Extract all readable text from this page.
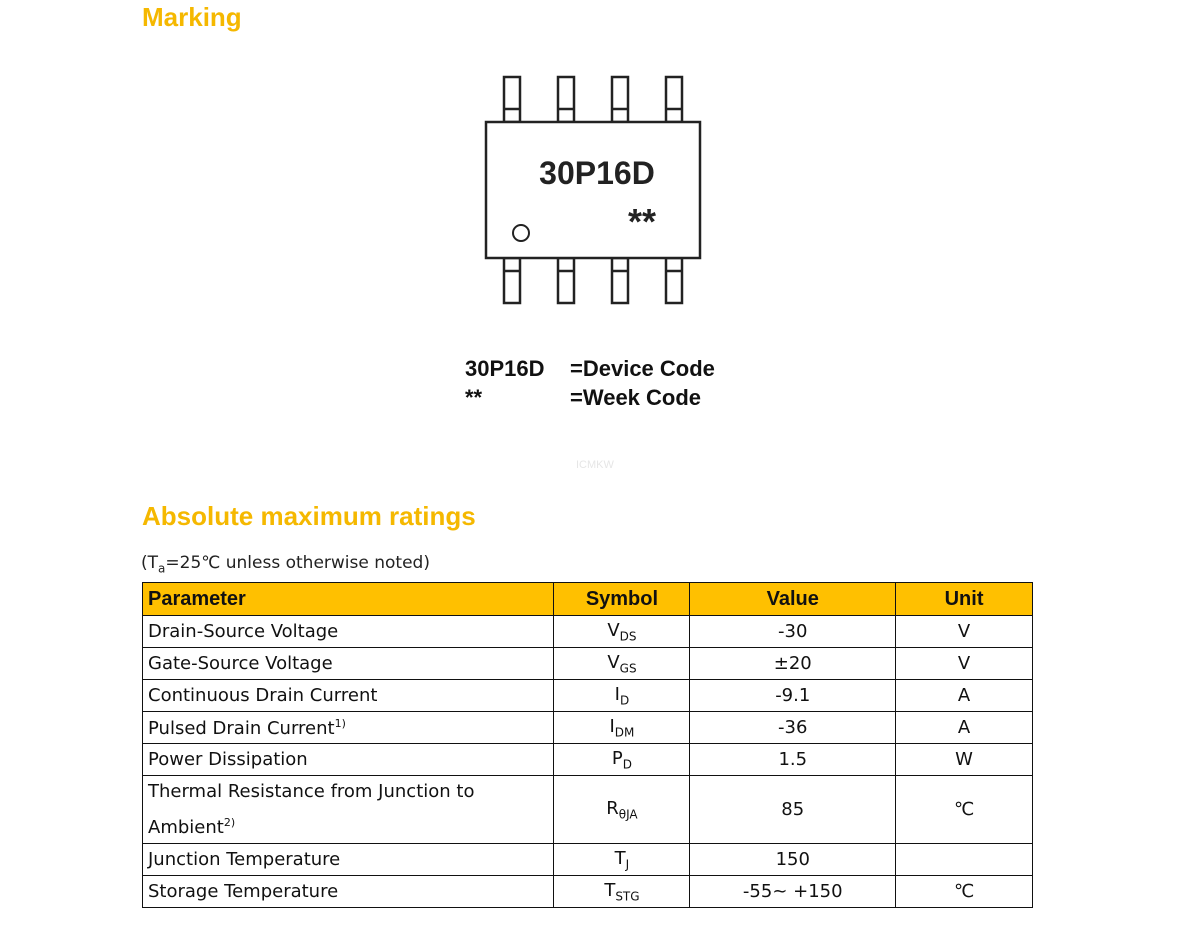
Marking
30P16D
**
30P16D	=Device Code
**	=Week Code
ICMKW
Absolute maximum ratings
($T_a=25℃$ unless otherwise noted)
Parameter	Symbol	Value	Unit
Drain-Source Voltage	$V_{DS}$	-30	V
Gate-Source Voltage	$V_{GS}$	±20	V
Continuous Drain Current	$I_D$	-9.1	A
Pulsed Drain Current$^{1)}$	$I_{DM}$	-36	A
Power Dissipation	$P_D$	1.5	W
Thermal Resistance from Junction to Ambient$^{2)}$	$R_{\theta JA}$	85	℃
Junction Temperature	$T_J$	150	
Storage Temperature	$T_{STG}$	-55~ +150	℃
